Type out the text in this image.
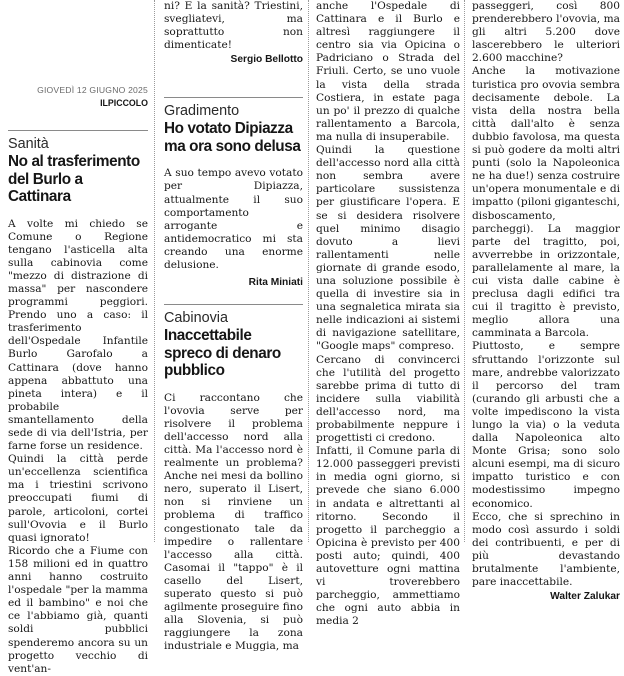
GIOVEDÌ 12 GIUGNO 2025
ILPICCOLO
Sanità
No al trasferimento del Burlo a Cattinara

A volte mi chiedo se Comune o Regione tengano l'asticella alta sulla cabinovia come "mezzo di distrazione di massa" per nascondere programmi peggiori. Prendo uno a caso: il trasferimento dell'Ospedale Infantile Burlo Garofalo a Cattinara (dove hanno appena abbattuto una pineta intera) e il probabile smantellamento della sede di via dell'Istria, per farne forse un residence.

Quindi la città perde un'eccellenza scientifica ma i triestini scrivono preoccupati fiumi di parole, articoloni, cortei sull'Ovovia e il Burlo quasi ignorato!

Ricordo che a Fiume con 158 milioni ed in quattro anni hanno costruito l'ospedale "per la mamma ed il bambino" e noi che ce l'abbiamo già, quanti soldi pubblici spenderemo ancora su un progetto vecchio di vent'an-

ni? E la sanità? Triestini, svegliatevi, ma soprattutto non dimenticate!

Sergio Bellotto
Gradimento
Ho votato Dipiazza ma ora sono delusa

A suo tempo avevo votato per Dipiazza, attualmente il suo comportamento arrogante e antidemocratico mi sta creando una enorme delusione.

Rita Miniati
Cabinovia
Inaccettabile spreco di denaro pubblico

Ci raccontano che l'ovovia serve per risolvere il problema dell'accesso nord alla città. Ma l'accesso nord è realmente un problema? Anche nei mesi da bollino nero, superato il Lisert, non si rinviene un problema di traffico congestionato tale da impedire o rallentare l'accesso alla città. Casomai il "tappo" è il casello del Lisert, superato questo si può agilmente proseguire fino alla Slovenia, si può raggiungere la zona industriale e Muggia, ma

anche l'Ospedale di Cattinara e il Burlo e altresì raggiungere il centro sia via Opicina o Padriciano o Strada del Friuli. Certo, se uno vuole la vista della strada Costiera, in estate paga un po' il prezzo di qualche rallentamento a Barcola, ma nulla di insuperabile.

Quindi la questione dell'accesso nord alla città non sembra avere particolare sussistenza per giustificare l'opera. E se si desidera risolvere quel minimo disagio dovuto a lievi rallentamenti nelle giornate di grande esodo, una soluzione possibile è quella di investire sia in una segnaletica mirata sia nelle indicazioni ai sistemi di navigazione satellitare, "Google maps" compreso.

Cercano di convincerci che l'utilità del progetto sarebbe prima di tutto di incidere sulla viabilità dell'accesso nord, ma probabilmente neppure i progettisti ci credono.

Infatti, il Comune parla di 12.000 passeggeri previsti in media ogni giorno, si prevede che siano 6.000 in andata e altrettanti al ritorno. Secondo il progetto il parcheggio a Opicina è previsto per 400 posti auto; quindi, 400 autovetture ogni mattina vi troverebbero parcheggio, ammettiamo che ogni auto abbia in media 2

passeggeri, così 800 prenderebbero l'ovovia, ma gli altri 5.200 dove lascerebbero le ulteriori 2.600 macchine?

Anche la motivazione turistica pro ovovia sembra decisamente debole. La vista della nostra bella città dall'alto è senza dubbio favolosa, ma questa si può godere da molti altri punti (solo la Napoleonica ne ha due!) senza costruire un'opera monumentale e di impatto (piloni giganteschi, disboscamento, parcheggi). La maggior parte del tragitto, poi, avverrebbe in orizzontale, parallelamente al mare, la cui vista dalle cabine è preclusa dagli edifici tra cui il tragitto è previsto, meglio allora una camminata a Barcola.

Piuttosto, e sempre sfruttando l'orizzonte sul mare, andrebbe valorizzato il percorso del tram (curando gli arbusti che a volte impediscono la vista lungo la via) o la veduta dalla Napoleonica alto Monte Grisa; sono solo alcuni esempi, ma di sicuro impatto turistico e con modestissimo impegno economico.

Ecco, che si sprechino in modo così assurdo i soldi dei contribuenti, e per di più devastando brutalmente l'ambiente, pare inaccettabile.

Walter Zalukar
